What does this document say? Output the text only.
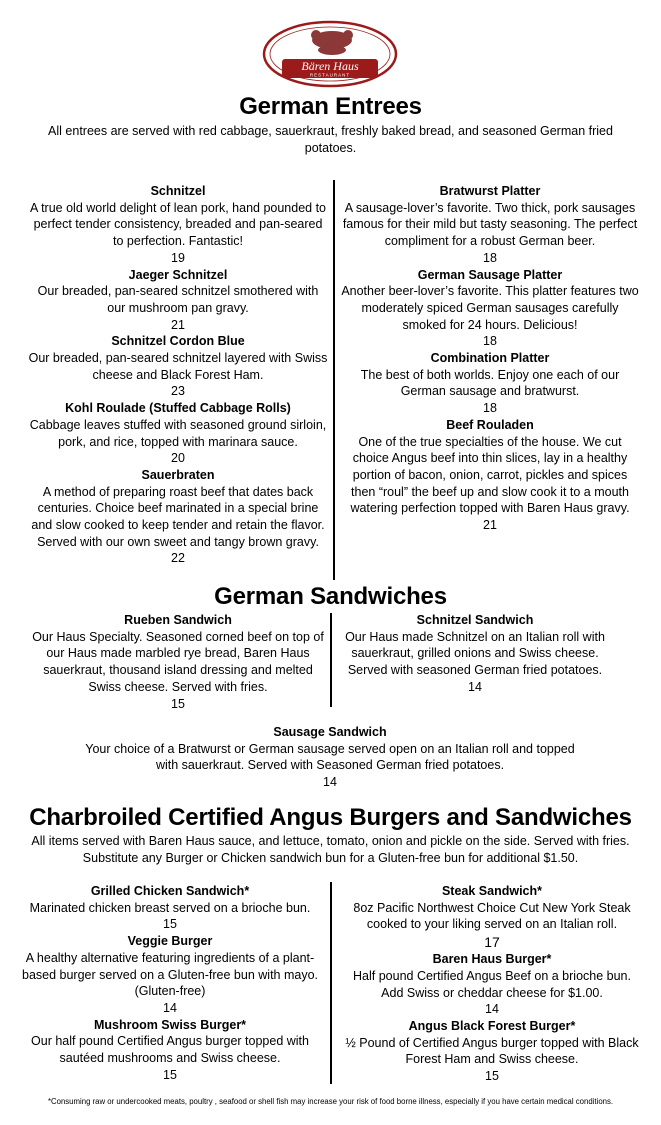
Bären Haus
RESTAURANT
German Entrees
All entrees are served with red cabbage, sauerkraut, freshly baked bread, and seasoned German fried potatoes.
Schnitzel
A true old world delight of lean pork, hand pounded to perfect tender consistency, breaded and pan-seared to perfection. Fantastic!
19
Jaeger Schnitzel
Our breaded, pan-seared schnitzel smothered with our mushroom pan gravy.
21
Schnitzel Cordon Blue
Our breaded, pan-seared schnitzel layered with Swiss cheese and Black Forest Ham.
23
Kohl Roulade (Stuffed Cabbage Rolls)
Cabbage leaves stuffed with seasoned ground sirloin, pork, and rice, topped with marinara sauce.
20
Sauerbraten
A method of preparing roast beef that dates back centuries. Choice beef marinated in a special brine and slow cooked to keep tender and retain the flavor. Served with our own sweet and tangy brown gravy.
22
Bratwurst Platter
A sausage-lover’s favorite. Two thick, pork sausages famous for their mild but tasty seasoning. The perfect compliment for a robust German beer.
18
German Sausage Platter
Another beer-lover’s favorite. This platter features two moderately spiced German sausages carefully smoked for 24 hours. Delicious!
18
Combination Platter
The best of both worlds. Enjoy one each of our German sausage and bratwurst.
18
Beef Rouladen
One of the true specialties of the house. We cut choice Angus beef into thin slices, lay in a healthy portion of bacon, onion, carrot, pickles and spices then “roul” the beef up and slow cook it to a mouth watering perfection topped with Baren Haus gravy.
21
German Sandwiches
Rueben Sandwich
Our Haus Specialty. Seasoned corned beef on top of our Haus made marbled rye bread, Baren Haus sauerkraut, thousand island dressing and melted Swiss cheese. Served with fries.
15
Schnitzel Sandwich
Our Haus made Schnitzel on an Italian roll with sauerkraut, grilled onions and Swiss cheese. Served with seasoned German fried potatoes.
14
Sausage Sandwich
Your choice of a Bratwurst or German sausage served open on an Italian roll and topped with sauerkraut. Served with Seasoned German fried potatoes.
14
Charbroiled Certified Angus Burgers and Sandwiches
All items served with Baren Haus sauce, and lettuce, tomato, onion and pickle on the side. Served with fries. Substitute any Burger or Chicken sandwich bun for a Gluten-free bun for additional $1.50.
Grilled Chicken Sandwich*
Marinated chicken breast served on a brioche bun.
15
Veggie Burger
A healthy alternative featuring ingredients of a plant-based burger served on a Gluten-free bun with mayo. (Gluten-free)
14
Mushroom Swiss Burger*
Our half pound Certified Angus burger topped with sautéed mushrooms and Swiss cheese.
15
Steak Sandwich*
8oz Pacific Northwest Choice Cut New York Steak cooked to your liking served on an Italian roll.
17
Baren Haus Burger*
Half pound Certified Angus Beef on a brioche bun. Add Swiss or cheddar cheese for $1.00.
14
Angus Black Forest Burger*
½ Pound of Certified Angus burger topped with Black Forest Ham and Swiss cheese.
15
*Consuming raw or undercooked meats, poultry , seafood or shell fish may increase your risk of food borne illness, especially if you have certain medical conditions.
